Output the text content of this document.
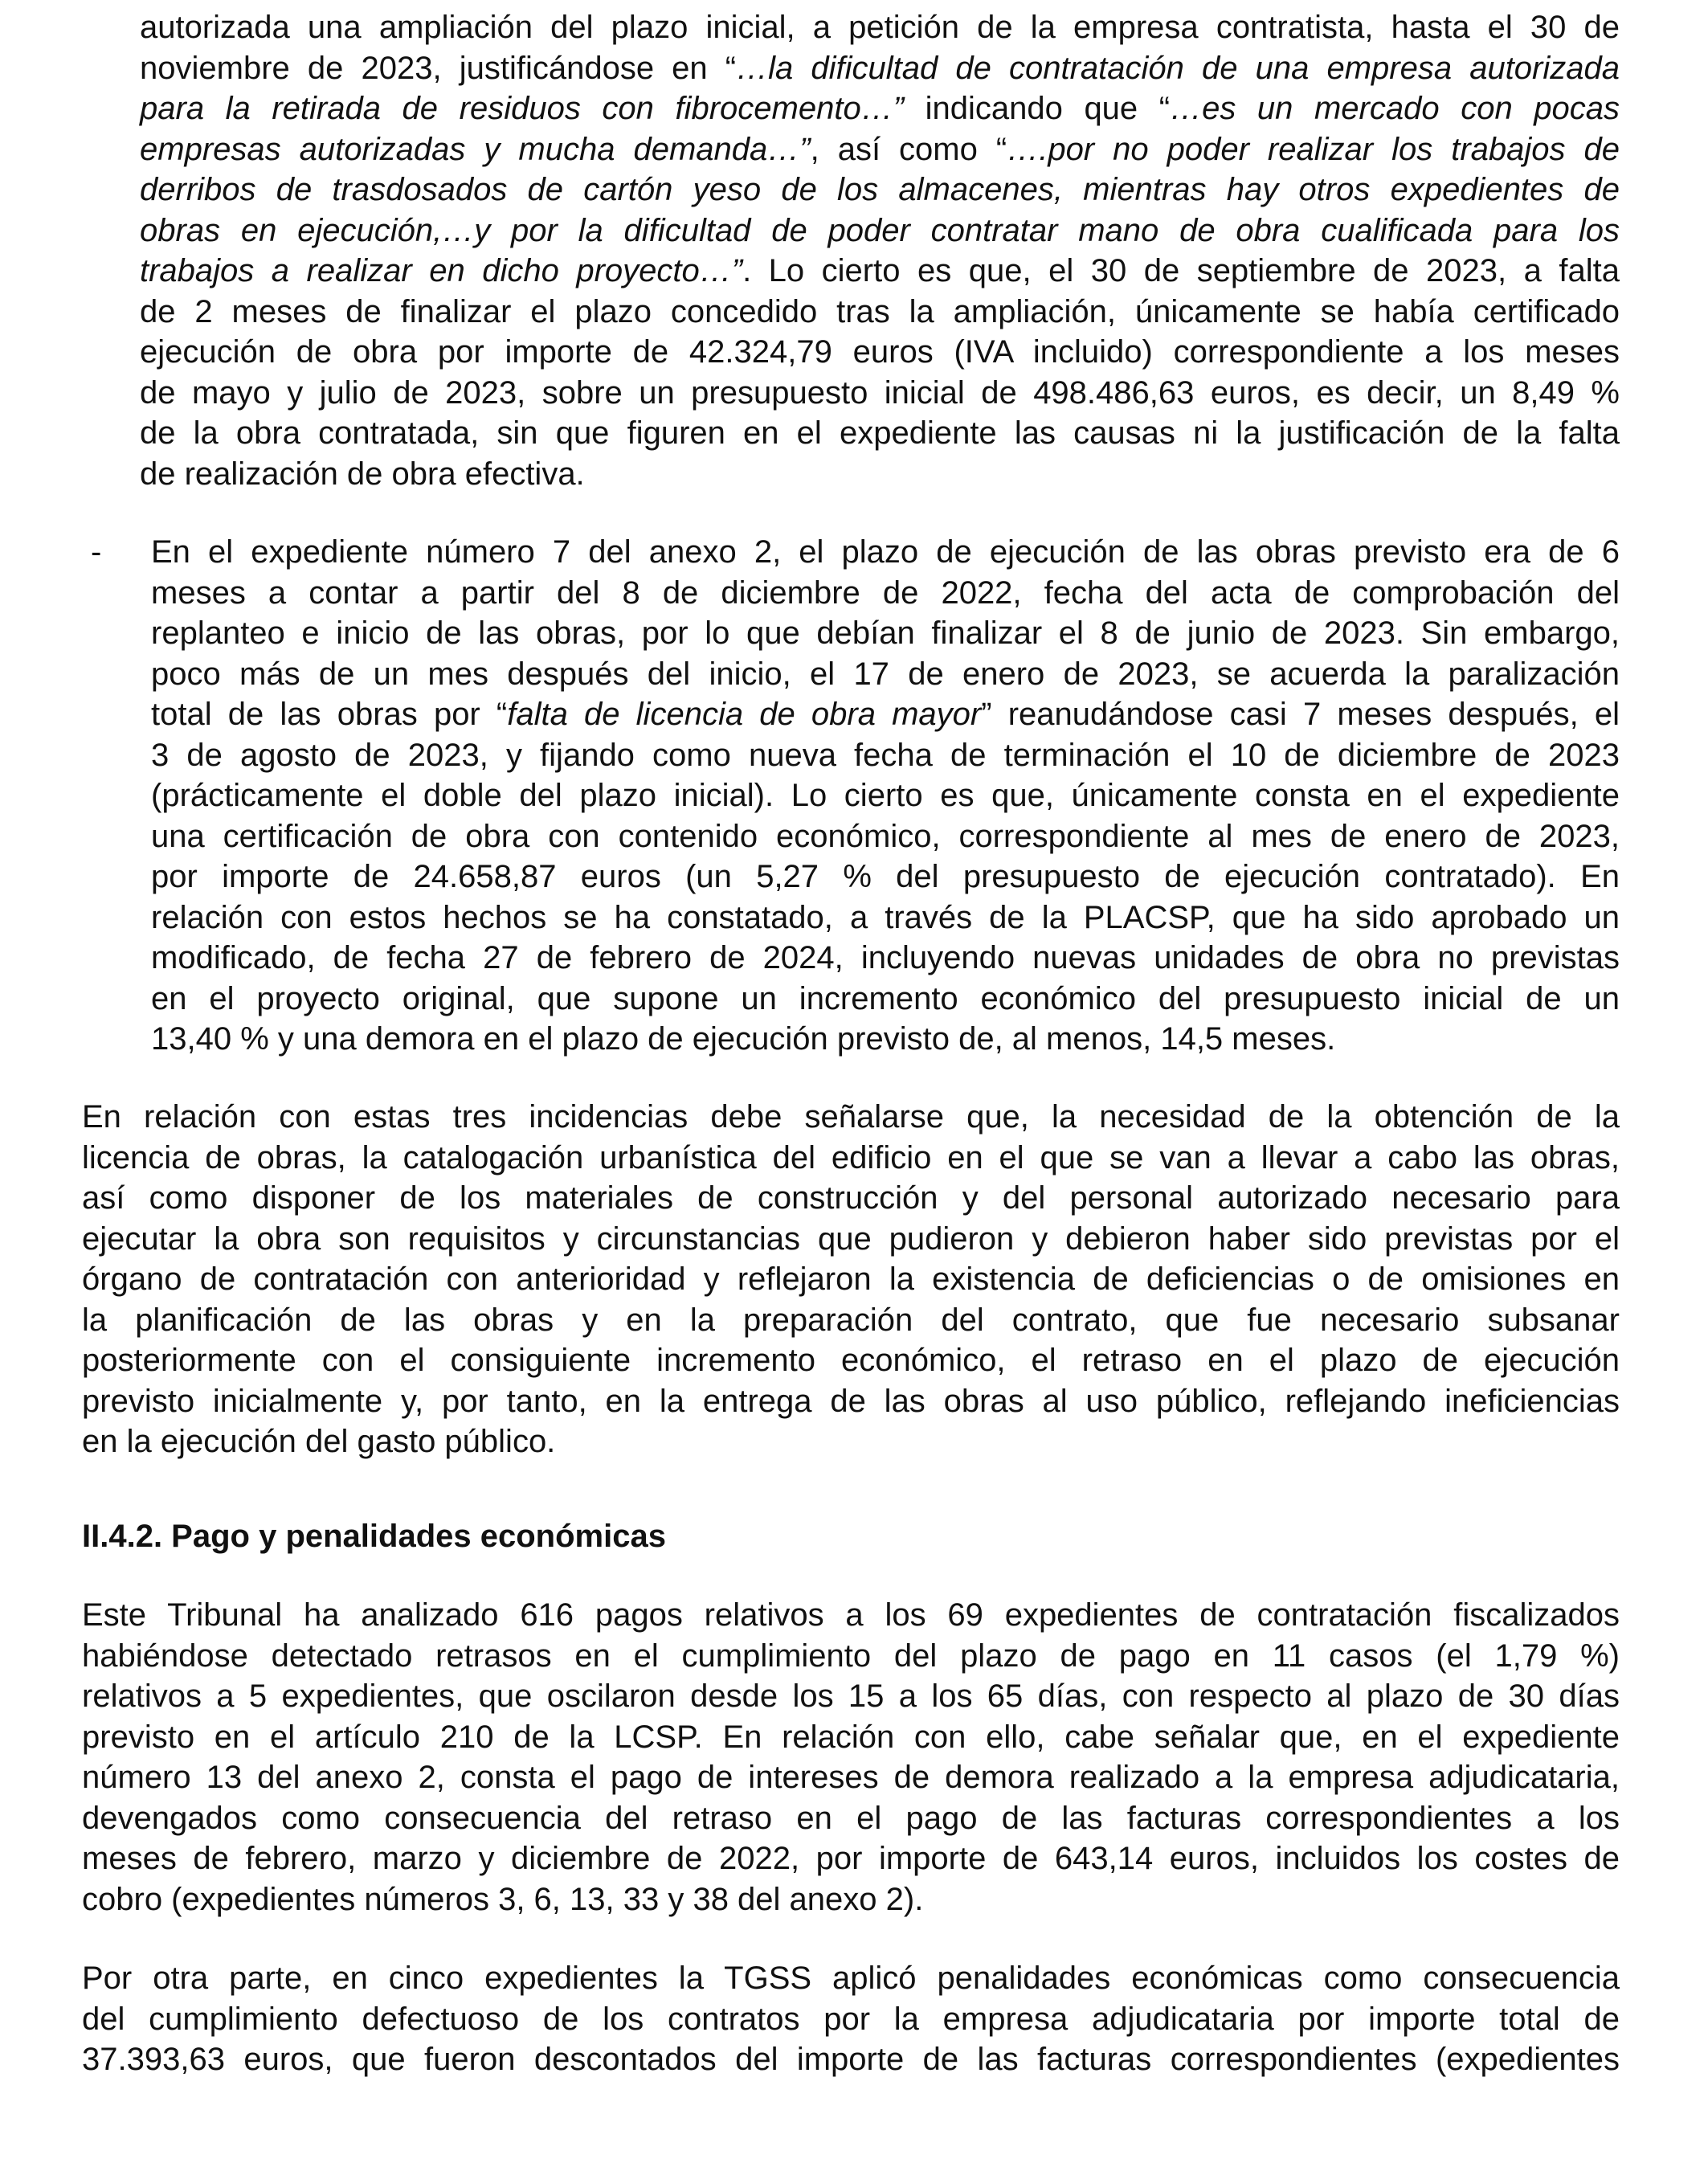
autorizada una ampliación del plazo inicial, a petición de la empresa contratista, hasta el 30 de
noviembre de 2023, justificándose en “…la dificultad de contratación de una empresa autorizada
para la retirada de residuos con fibrocemento…” indicando que “…es un mercado con pocas
empresas autorizadas y mucha demanda…”, así como “….por no poder realizar los trabajos de
derribos de trasdosados de cartón yeso de los almacenes, mientras hay otros expedientes de
obras en ejecución,…y por la dificultad de poder contratar mano de obra cualificada para los
trabajos a realizar en dicho proyecto…”. Lo cierto es que, el 30 de septiembre de 2023, a falta
de 2 meses de finalizar el plazo concedido tras la ampliación, únicamente se había certificado
ejecución de obra por importe de 42.324,79 euros (IVA incluido) correspondiente a los meses
de mayo y julio de 2023, sobre un presupuesto inicial de 498.486,63 euros, es decir, un 8,49 %
de la obra contratada, sin que figuren en el expediente las causas ni la justificación de la falta
de realización de obra efectiva.
- En el expediente número 7 del anexo 2, el plazo de ejecución de las obras previsto era de 6
meses a contar a partir del 8 de diciembre de 2022, fecha del acta de comprobación del
replanteo e inicio de las obras, por lo que debían finalizar el 8 de junio de 2023. Sin embargo,
poco más de un mes después del inicio, el 17 de enero de 2023, se acuerda la paralización
total de las obras por “falta de licencia de obra mayor” reanudándose casi 7 meses después, el
3 de agosto de 2023, y fijando como nueva fecha de terminación el 10 de diciembre de 2023
(prácticamente el doble del plazo inicial). Lo cierto es que, únicamente consta en el expediente
una certificación de obra con contenido económico, correspondiente al mes de enero de 2023,
por importe de 24.658,87 euros (un 5,27 % del presupuesto de ejecución contratado). En
relación con estos hechos se ha constatado, a través de la PLACSP, que ha sido aprobado un
modificado, de fecha 27 de febrero de 2024, incluyendo nuevas unidades de obra no previstas
en el proyecto original, que supone un incremento económico del presupuesto inicial de un
13,40 % y una demora en el plazo de ejecución previsto de, al menos, 14,5 meses.
En relación con estas tres incidencias debe señalarse que, la necesidad de la obtención de la
licencia de obras, la catalogación urbanística del edificio en el que se van a llevar a cabo las obras,
así como disponer de los materiales de construcción y del personal autorizado necesario para
ejecutar la obra son requisitos y circunstancias que pudieron y debieron haber sido previstas por el
órgano de contratación con anterioridad y reflejaron la existencia de deficiencias o de omisiones en
la planificación de las obras y en la preparación del contrato, que fue necesario subsanar
posteriormente con el consiguiente incremento económico, el retraso en el plazo de ejecución
previsto inicialmente y, por tanto, en la entrega de las obras al uso público, reflejando ineficiencias
en la ejecución del gasto público.
II.4.2. Pago y penalidades económicas
Este Tribunal ha analizado 616 pagos relativos a los 69 expedientes de contratación fiscalizados
habiéndose detectado retrasos en el cumplimiento del plazo de pago en 11 casos (el 1,79 %)
relativos a 5 expedientes, que oscilaron desde los 15 a los 65 días, con respecto al plazo de 30 días
previsto en el artículo 210 de la LCSP. En relación con ello, cabe señalar que, en el expediente
número 13 del anexo 2, consta el pago de intereses de demora realizado a la empresa adjudicataria,
devengados como consecuencia del retraso en el pago de las facturas correspondientes a los
meses de febrero, marzo y diciembre de 2022, por importe de 643,14 euros, incluidos los costes de
cobro (expedientes números 3, 6, 13, 33 y 38 del anexo 2).
Por otra parte, en cinco expedientes la TGSS aplicó penalidades económicas como consecuencia
del cumplimiento defectuoso de los contratos por la empresa adjudicataria por importe total de
37.393,63 euros, que fueron descontados del importe de las facturas correspondientes (expedientes
